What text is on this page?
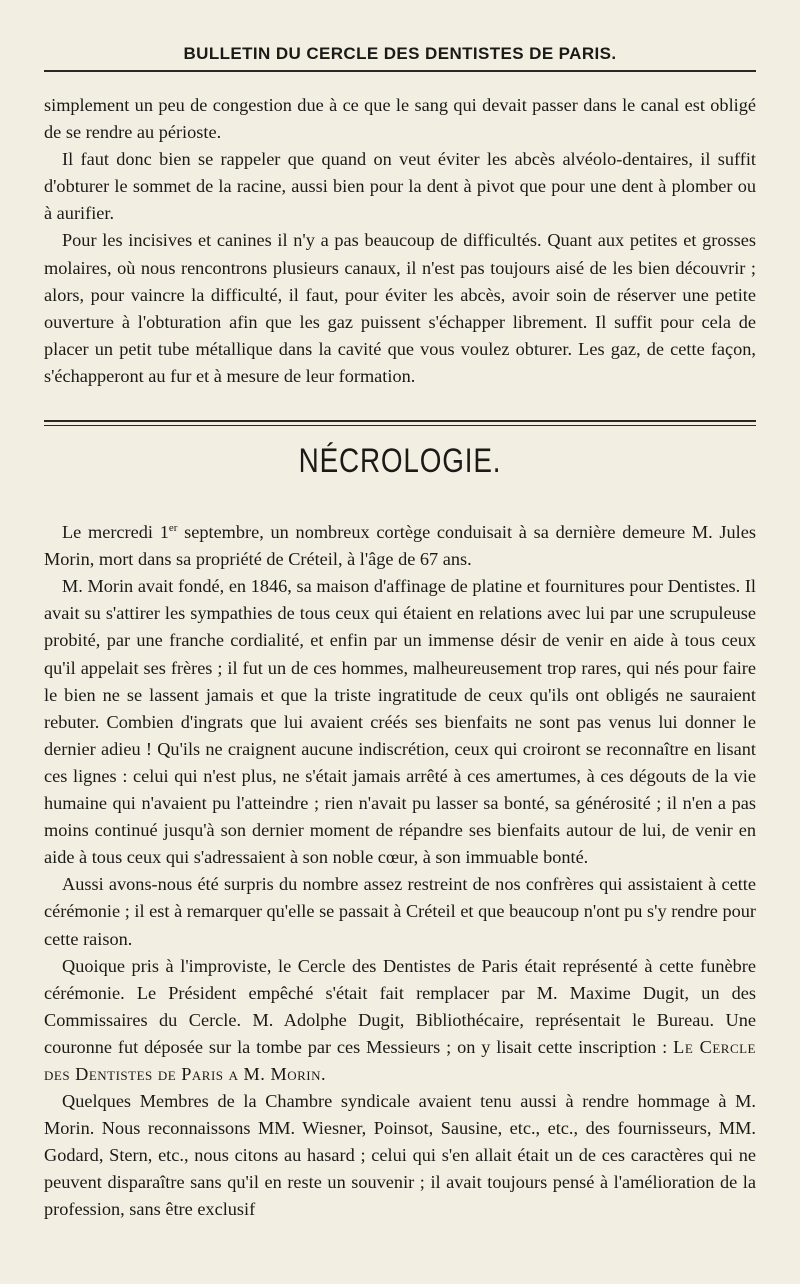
BULLETIN DU CERCLE DES DENTISTES DE PARIS.

simplement un peu de congestion due à ce que le sang qui devait passer dans le canal est obligé de se rendre au périoste.

Il faut donc bien se rappeler que quand on veut éviter les abcès alvéolo-dentaires, il suffit d'obturer le sommet de la racine, aussi bien pour la dent à pivot que pour une dent à plomber ou à aurifier.

Pour les incisives et canines il n'y a pas beaucoup de difficultés. Quant aux petites et grosses molaires, où nous rencontrons plusieurs canaux, il n'est pas toujours aisé de les bien découvrir ; alors, pour vaincre la difficulté, il faut, pour éviter les abcès, avoir soin de réserver une petite ouverture à l'obturation afin que les gaz puissent s'échapper librement. Il suffit pour cela de placer un petit tube métallique dans la cavité que vous voulez obturer. Les gaz, de cette façon, s'échapperont au fur et à mesure de leur formation.

NÉCROLOGIE.

Le mercredi 1er septembre, un nombreux cortège conduisait à sa dernière demeure M. Jules Morin, mort dans sa propriété de Créteil, à l'âge de 67 ans.

M. Morin avait fondé, en 1846, sa maison d'affinage de platine et fournitures pour Dentistes. Il avait su s'attirer les sympathies de tous ceux qui étaient en relations avec lui par une scrupuleuse probité, par une franche cordialité, et enfin par un immense désir de venir en aide à tous ceux qu'il appelait ses frères ; il fut un de ces hommes, malheureusement trop rares, qui nés pour faire le bien ne se lassent jamais et que la triste ingratitude de ceux qu'ils ont obligés ne sauraient rebuter. Combien d'ingrats que lui avaient créés ses bienfaits ne sont pas venus lui donner le dernier adieu ! Qu'ils ne craignent aucune indiscrétion, ceux qui croiront se reconnaître en lisant ces lignes : celui qui n'est plus, ne s'était jamais arrêté à ces amertumes, à ces dégouts de la vie humaine qui n'avaient pu l'atteindre ; rien n'avait pu lasser sa bonté, sa générosité ; il n'en a pas moins continué jusqu'à son dernier moment de répandre ses bienfaits autour de lui, de venir en aide à tous ceux qui s'adressaient à son noble cœur, à son immuable bonté.

Aussi avons-nous été surpris du nombre assez restreint de nos confrères qui assistaient à cette cérémonie ; il est à remarquer qu'elle se passait à Créteil et que beaucoup n'ont pu s'y rendre pour cette raison.

Quoique pris à l'improviste, le Cercle des Dentistes de Paris était représenté à cette funèbre cérémonie. Le Président empêché s'était fait remplacer par M. Maxime Dugit, un des Commissaires du Cercle. M. Adolphe Dugit, Bibliothécaire, représentait le Bureau. Une couronne fut déposée sur la tombe par ces Messieurs ; on y lisait cette inscription : Le Cercle des Dentistes de Paris a M. Morin.

Quelques Membres de la Chambre syndicale avaient tenu aussi à rendre hommage à M. Morin. Nous reconnaissons MM. Wiesner, Poinsot, Sausine, etc., etc., des fournisseurs, MM. Godard, Stern, etc., nous citons au hasard ; celui qui s'en allait était un de ces caractères qui ne peuvent disparaître sans qu'il en reste un souvenir ; il avait toujours pensé à l'amélioration de la profession, sans être exclusif
